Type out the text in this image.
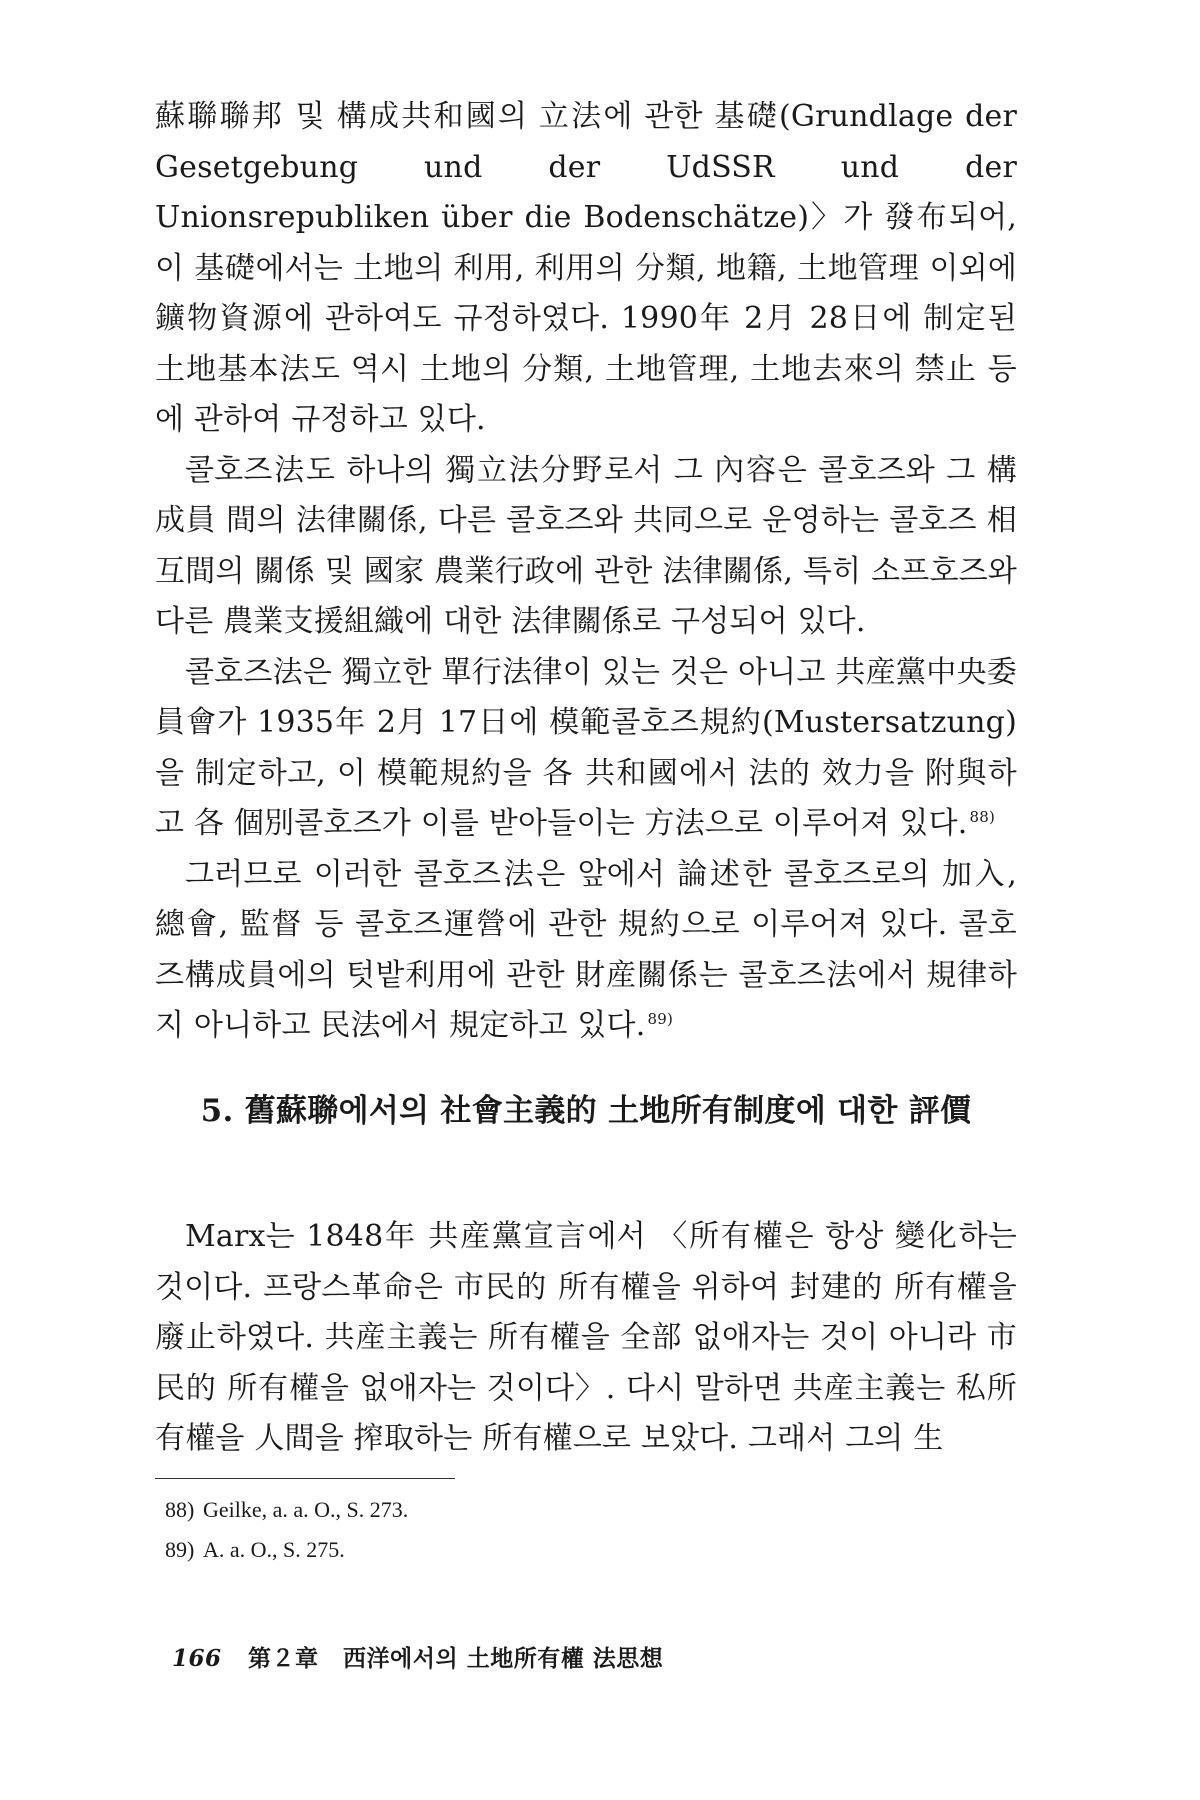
蘇聯聯邦 및 構成共和國의 立法에 관한 基礎(Grundlage der Gesetgebung und der UdSSR und der Unionsrepubliken über die Bodenschätze)〉가 發布되어, 이 基礎에서는 土地의 利用, 利用의 分類, 地籍, 土地管理 이외에 鑛物資源에 관하여도 규정하였다. 1990年 2月 28日에 制定된 土地基本法도 역시 土地의 分類, 土地管理, 土地去來의 禁止 등에 관하여 규정하고 있다.

콜호즈法도 하나의 獨立法分野로서 그 內容은 콜호즈와 그 構成員 間의 法律關係, 다른 콜호즈와 共同으로 운영하는 콜호즈 相互間의 關係 및 國家 農業行政에 관한 法律關係, 특히 소프호즈와 다른 農業支援組織에 대한 法律關係로 구성되어 있다.

콜호즈法은 獨立한 單行法律이 있는 것은 아니고 共産黨中央委員會가 1935年 2月 17日에 模範콜호즈規約(Mustersatzung)을 制定하고, 이 模範規約을 各 共和國에서 法的 效力을 附與하고 各 個別콜호즈가 이를 받아들이는 方法으로 이루어져 있다. $^{88)}$

그러므로 이러한 콜호즈法은 앞에서 論述한 콜호즈로의 加入, 總會, 監督 등 콜호즈運營에 관한 規約으로 이루어져 있다. 콜호즈構成員에의 텃밭利用에 관한 財産關係는 콜호즈法에서 規律하지 아니하고 民法에서 規定하고 있다. $^{89)}$

5. 舊蘇聯에서의 社會主義的 土地所有制度에 대한 評價

Marx는 1848年 共産黨宣言에서 〈所有權은 항상 變化하는 것이다. 프랑스革命은 市民的 所有權을 위하여 封建的 所有權을 廢止하였다. 共産主義는 所有權을 全部 없애자는 것이 아니라 市民的 所有權을 없애자는 것이다〉. 다시 말하면 共産主義는 私所有權을 人間을 搾取하는 所有權으로 보았다. 그래서 그의 生

88) Geilke, a. a. O., S. 273.
89) A. a. O., S. 275.
166 第２章 西洋에서의 土地所有權 法思想
